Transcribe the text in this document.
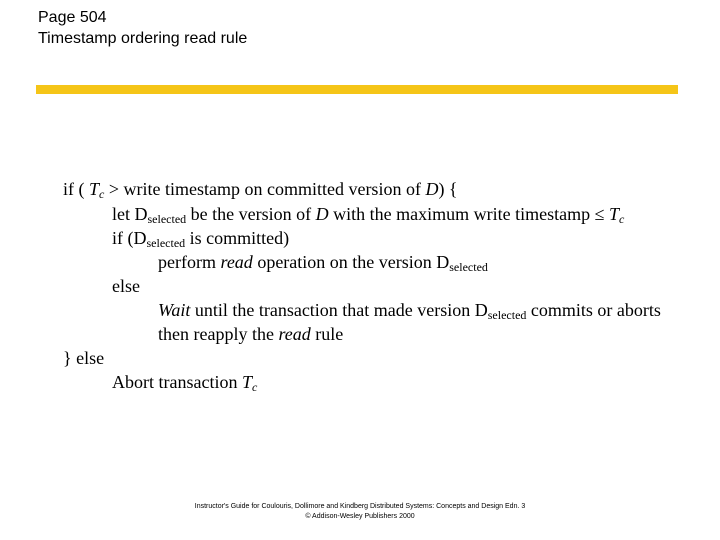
Page 504
Timestamp ordering read rule
if ( $T_c$ > write timestamp on committed version of D) {
let $D_{selected}$ be the version of D with the maximum write timestamp ≤ $T_c$
if ($D_{selected}$ is committed)
perform read operation on the version $D_{selected}$
else
Wait until the transaction that made version $D_{selected}$ commits or aborts
then reapply the read rule
} else
Abort transaction $T_c$
Instructor's Guide for Coulouris, Dollimore and Kindberg Distributed Systems: Concepts and Design Edn. 3
© Addison-Wesley Publishers 2000
